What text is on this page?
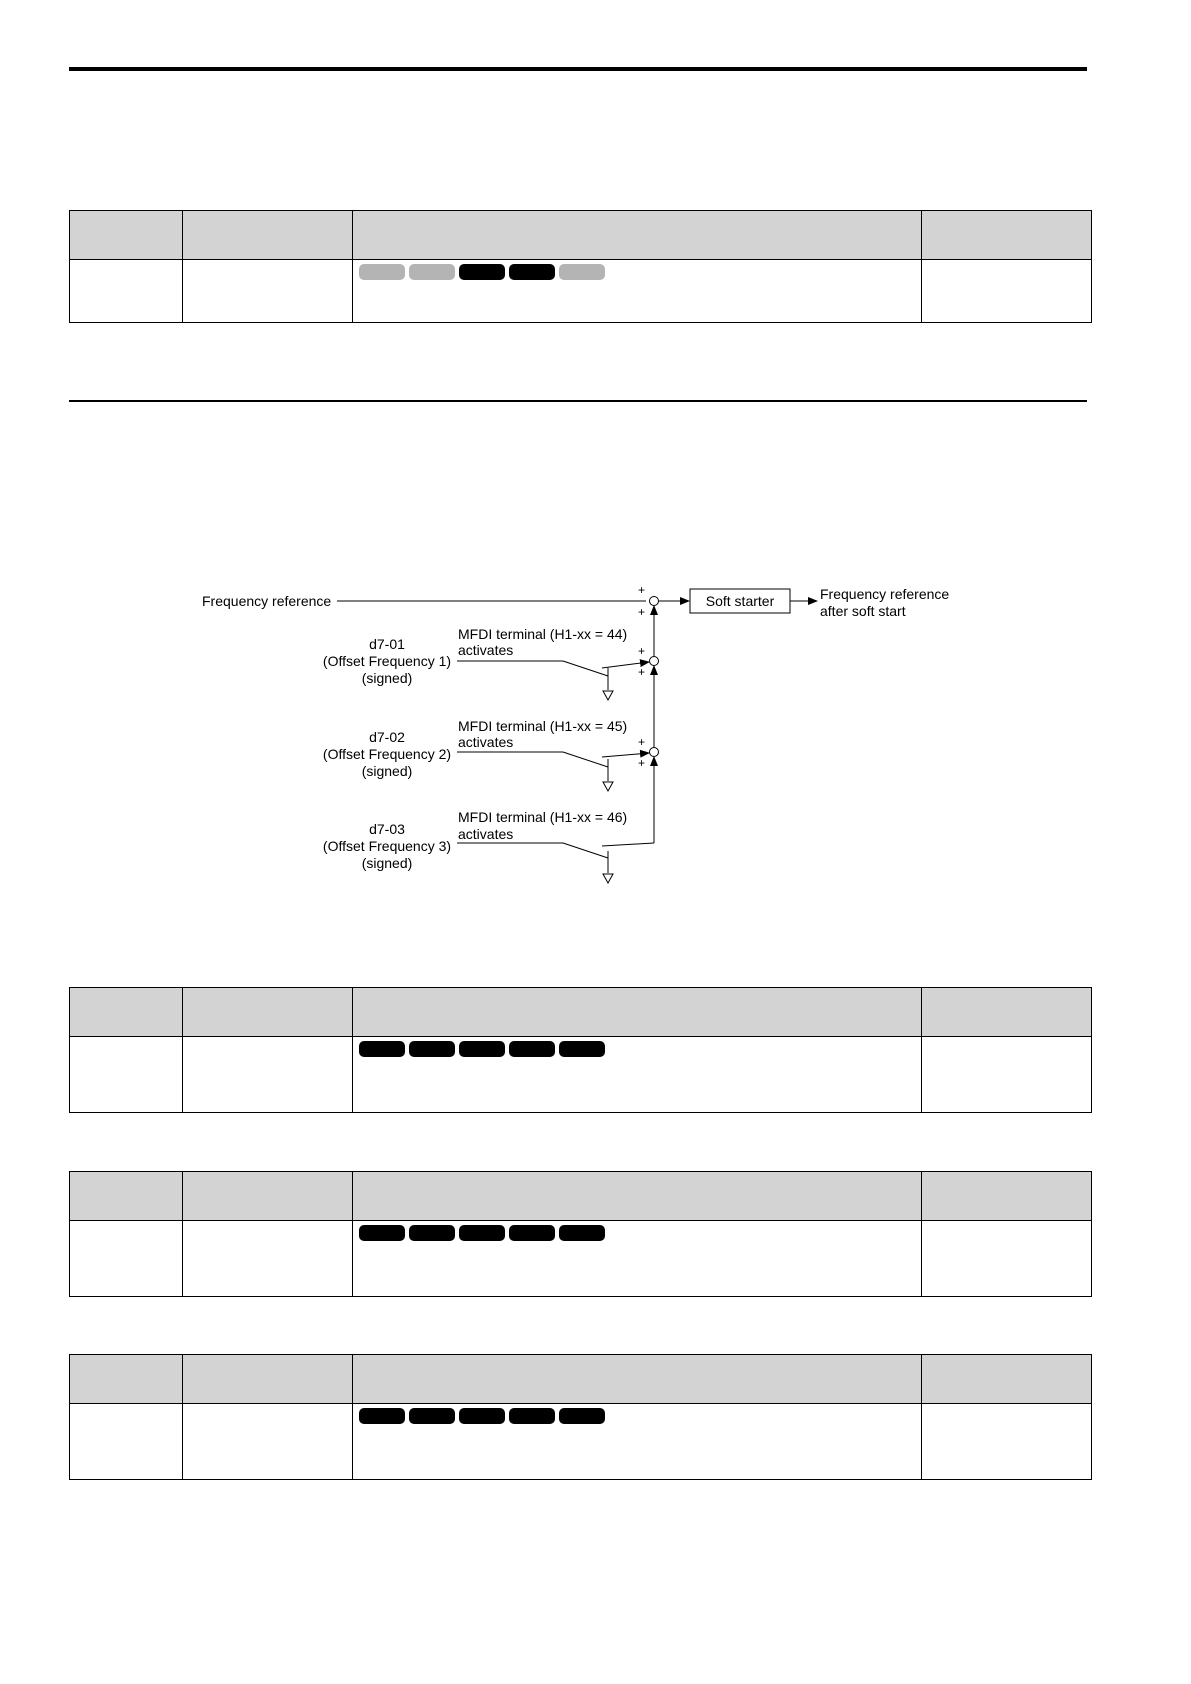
Frequency reference
+
+
Soft starter	Frequency reference
after soft start
+
+
+
+
d7-01
(Offset Frequency 1)
(signed)
MFDI terminal (H1-xx = 44)
activates
d7-02
(Offset Frequency 2)
(signed)
MFDI terminal (H1-xx = 45)
activates
d7-03
(Offset Frequency 3)
(signed)
MFDI terminal (H1-xx = 46)
activates
